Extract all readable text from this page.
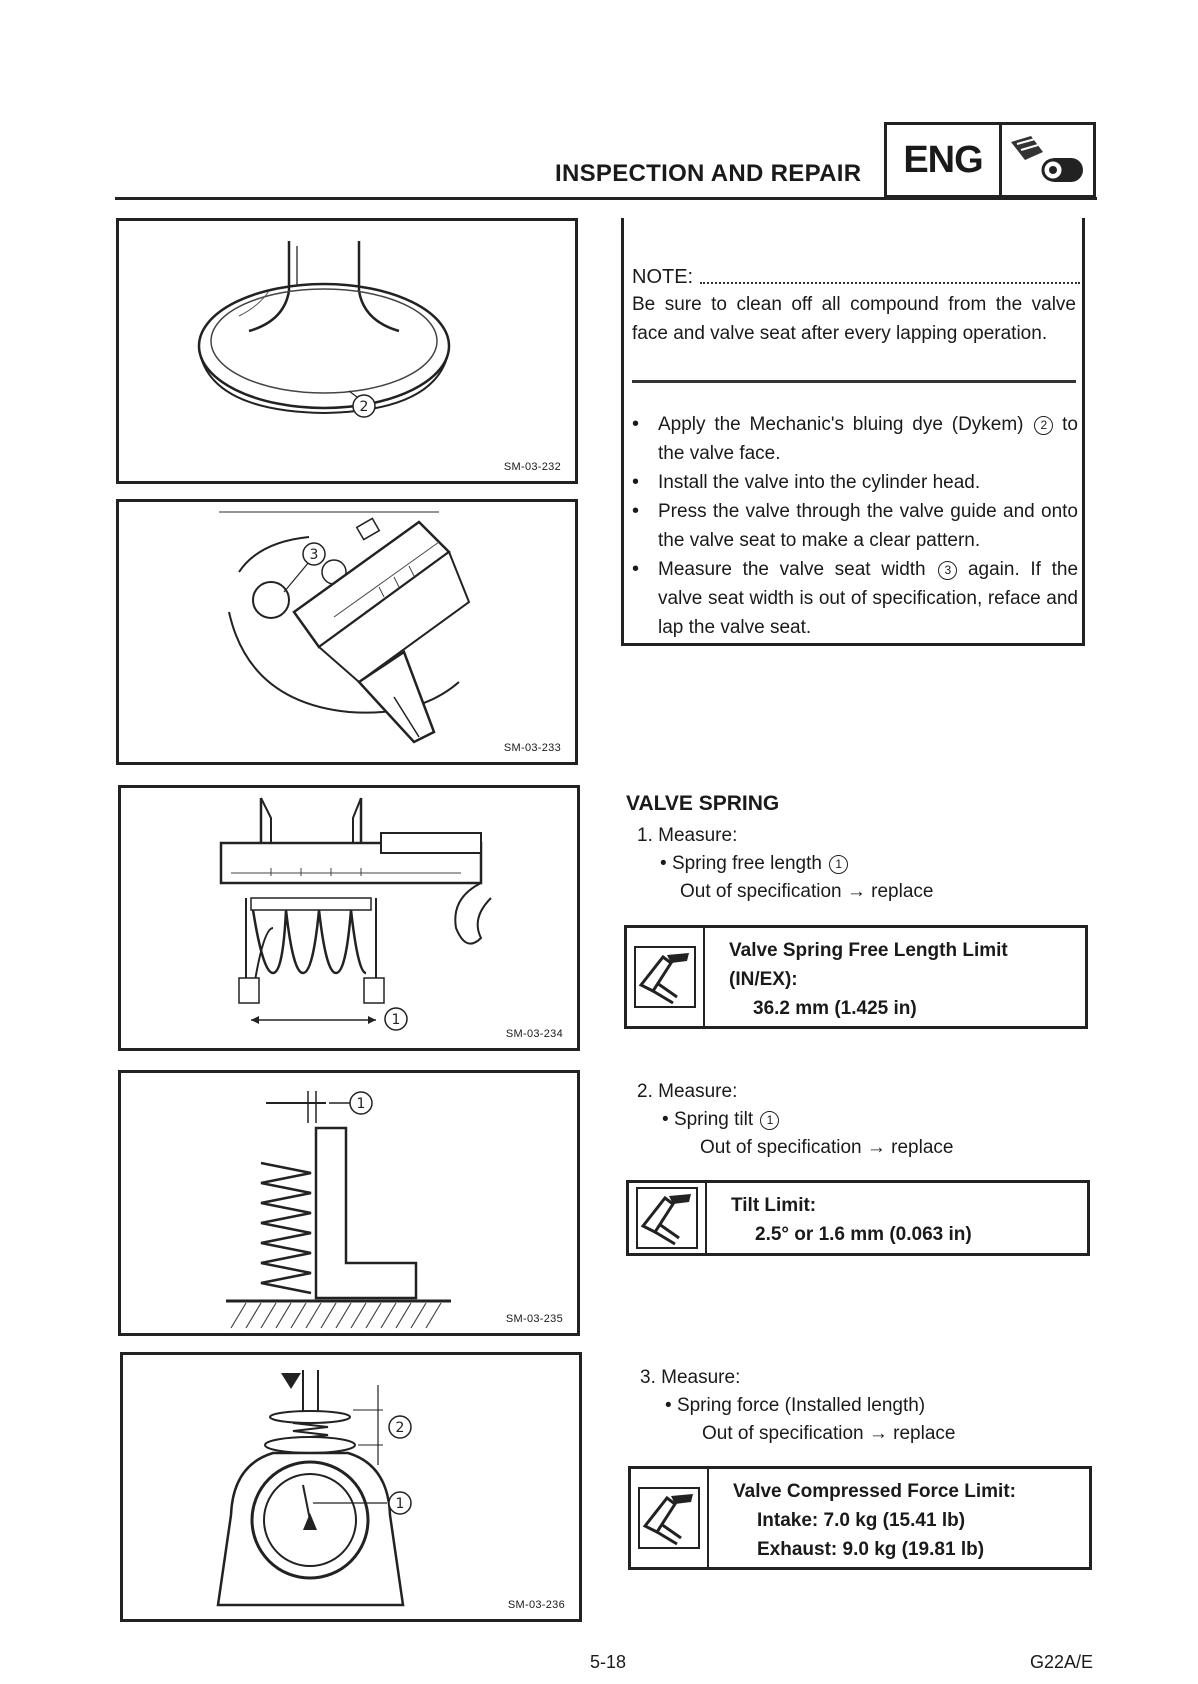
INSPECTION AND REPAIR	ENG
2
SM-03-232
3
SM-03-233
1
SM-03-234
1
SM-03-235
2
1
SM-03-236
NOTE:
Be sure to clean off all compound from the valve face and valve seat after every lapping operation.
• Apply the Mechanic's bluing dye (Dykem) 2 to the valve face.
• Install the valve into the cylinder head.
• Press the valve through the valve guide and onto the valve seat to make a clear pattern.
• Measure the valve seat width 3 again. If the valve seat width is out of specification, reface and lap the valve seat.
VALVE SPRING
1. Measure:
• Spring free length 1
Out of specification → replace
Valve Spring Free Length Limit
(IN/EX):
36.2 mm (1.425 in)
2. Measure:
• Spring tilt 1
Out of specification → replace
Tilt Limit:
2.5° or 1.6 mm (0.063 in)
3. Measure:
• Spring force (Installed length)
Out of specification → replace
Valve Compressed Force Limit:
Intake: 7.0 kg (15.41 lb)
Exhaust: 9.0 kg (19.81 lb)
5-18	G22A/E
